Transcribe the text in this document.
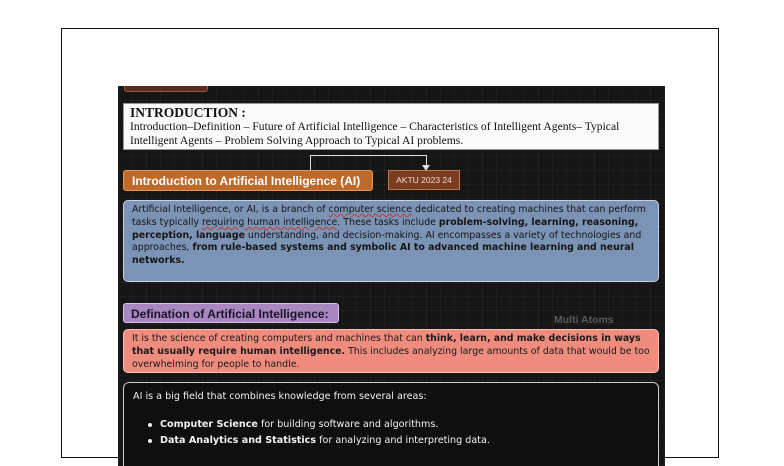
INTRODUCTION :
Introduction–Definition – Future of Artificial Intelligence – Characteristics of Intelligent Agents– Typical Intelligent Agents – Problem Solving Approach to Typical AI problems.
Introduction to Artificial Intelligence (AI)	AKTU 2023 24
Artificial Intelligence, or AI, is a branch of computer science dedicated to creating machines that can perform tasks typically requiring human intelligence. These tasks include problem-solving, learning, reasoning, perception, language understanding, and decision-making. AI encompasses a variety of technologies and approaches, from rule-based systems and symbolic AI to advanced machine learning and neural networks.
Defination of Artificial Intelligence:	Multi Atoms
It is the science of creating computers and machines that can think, learn, and make decisions in ways that usually require human intelligence. This includes analyzing large amounts of data that would be too overwhelming for people to handle.
AI is a big field that combines knowledge from several areas:
Computer Science for building software and algorithms.
Data Analytics and Statistics for analyzing and interpreting data.
